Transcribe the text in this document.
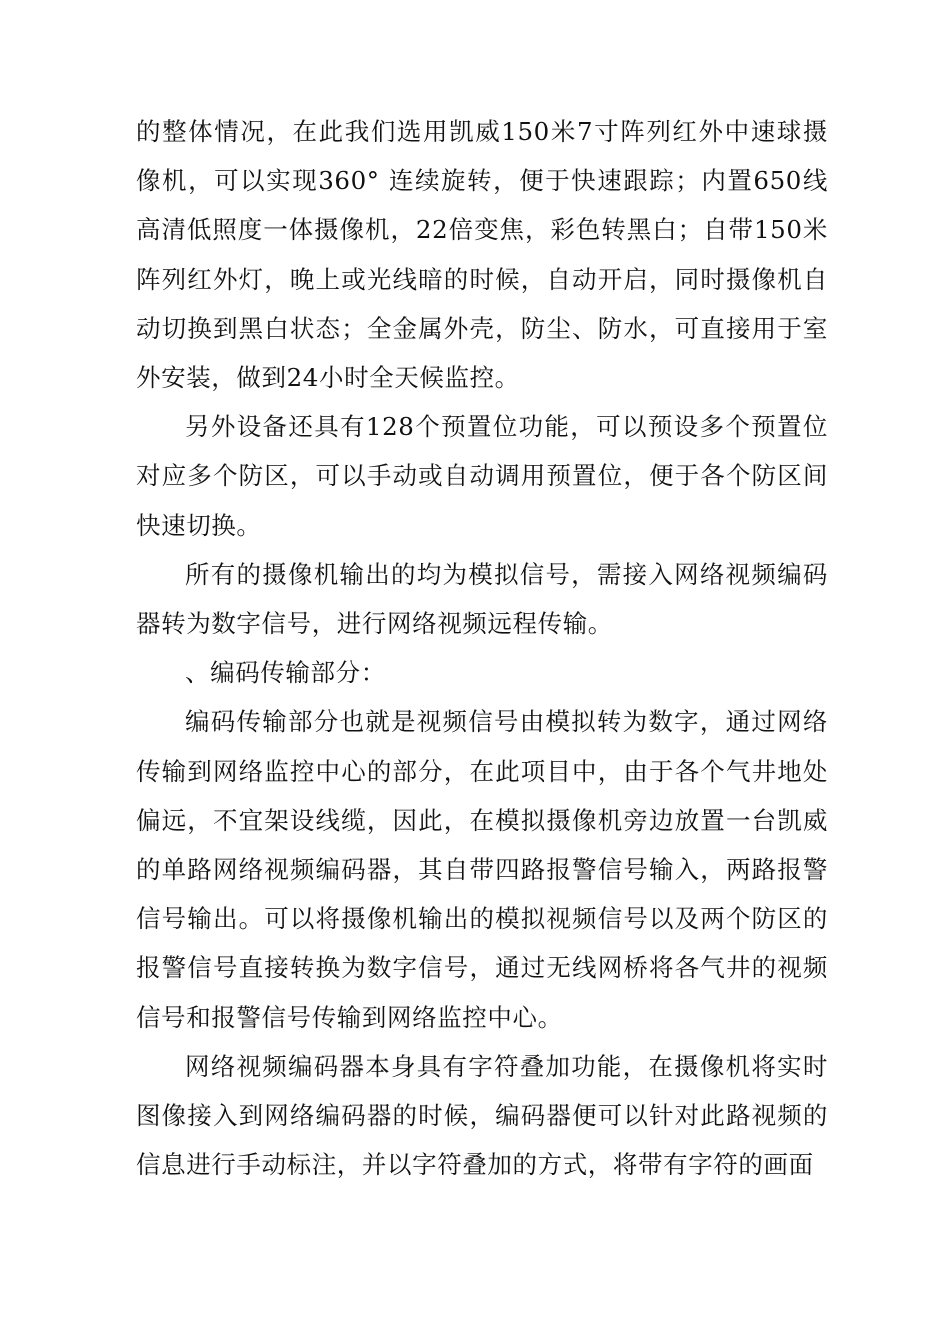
的整体情况，在此我们选用凯威150米7寸阵列红外中速球摄像机，可以实现360° 连续旋转，便于快速跟踪；内置650线高清低照度一体摄像机，22倍变焦，彩色转黑白；自带150米阵列红外灯，晚上或光线暗的时候，自动开启，同时摄像机自动切换到黑白状态；全金属外壳，防尘、防水，可直接用于室外安装，做到24小时全天候监控。

另外设备还具有128个预置位功能，可以预设多个预置位对应多个防区，可以手动或自动调用预置位，便于各个防区间快速切换。

所有的摄像机输出的均为模拟信号，需接入网络视频编码器转为数字信号，进行网络视频远程传输。

、编码传输部分：

编码传输部分也就是视频信号由模拟转为数字，通过网络传输到网络监控中心的部分，在此项目中，由于各个气井地处偏远，不宜架设线缆，因此，在模拟摄像机旁边放置一台凯威的单路网络视频编码器，其自带四路报警信号输入，两路报警信号输出。可以将摄像机输出的模拟视频信号以及两个防区的报警信号直接转换为数字信号，通过无线网桥将各气井的视频信号和报警信号传输到网络监控中心。

网络视频编码器本身具有字符叠加功能，在摄像机将实时图像接入到网络编码器的时候，编码器便可以针对此路视频的信息进行手动标注，并以字符叠加的方式，将带有字符的画面
